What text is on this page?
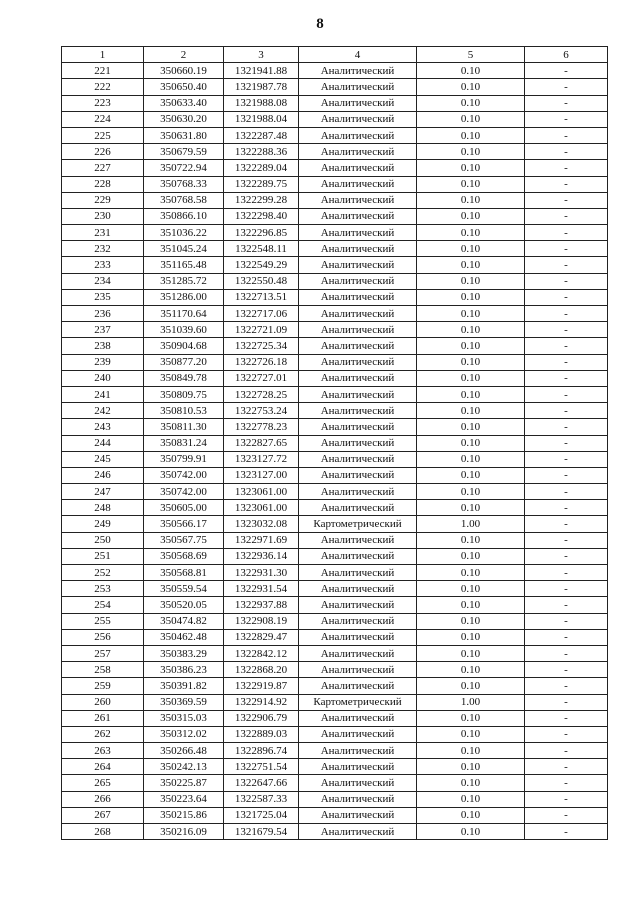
8
1	2	3	4	5	6
221	350660.19	1321941.88	Аналитический	0.10	-
222	350650.40	1321987.78	Аналитический	0.10	-
223	350633.40	1321988.08	Аналитический	0.10	-
224	350630.20	1321988.04	Аналитический	0.10	-
225	350631.80	1322287.48	Аналитический	0.10	-
226	350679.59	1322288.36	Аналитический	0.10	-
227	350722.94	1322289.04	Аналитический	0.10	-
228	350768.33	1322289.75	Аналитический	0.10	-
229	350768.58	1322299.28	Аналитический	0.10	-
230	350866.10	1322298.40	Аналитический	0.10	-
231	351036.22	1322296.85	Аналитический	0.10	-
232	351045.24	1322548.11	Аналитический	0.10	-
233	351165.48	1322549.29	Аналитический	0.10	-
234	351285.72	1322550.48	Аналитический	0.10	-
235	351286.00	1322713.51	Аналитический	0.10	-
236	351170.64	1322717.06	Аналитический	0.10	-
237	351039.60	1322721.09	Аналитический	0.10	-
238	350904.68	1322725.34	Аналитический	0.10	-
239	350877.20	1322726.18	Аналитический	0.10	-
240	350849.78	1322727.01	Аналитический	0.10	-
241	350809.75	1322728.25	Аналитический	0.10	-
242	350810.53	1322753.24	Аналитический	0.10	-
243	350811.30	1322778.23	Аналитический	0.10	-
244	350831.24	1322827.65	Аналитический	0.10	-
245	350799.91	1323127.72	Аналитический	0.10	-
246	350742.00	1323127.00	Аналитический	0.10	-
247	350742.00	1323061.00	Аналитический	0.10	-
248	350605.00	1323061.00	Аналитический	0.10	-
249	350566.17	1323032.08	Картометрический	1.00	-
250	350567.75	1322971.69	Аналитический	0.10	-
251	350568.69	1322936.14	Аналитический	0.10	-
252	350568.81	1322931.30	Аналитический	0.10	-
253	350559.54	1322931.54	Аналитический	0.10	-
254	350520.05	1322937.88	Аналитический	0.10	-
255	350474.82	1322908.19	Аналитический	0.10	-
256	350462.48	1322829.47	Аналитический	0.10	-
257	350383.29	1322842.12	Аналитический	0.10	-
258	350386.23	1322868.20	Аналитический	0.10	-
259	350391.82	1322919.87	Аналитический	0.10	-
260	350369.59	1322914.92	Картометрический	1.00	-
261	350315.03	1322906.79	Аналитический	0.10	-
262	350312.02	1322889.03	Аналитический	0.10	-
263	350266.48	1322896.74	Аналитический	0.10	-
264	350242.13	1322751.54	Аналитический	0.10	-
265	350225.87	1322647.66	Аналитический	0.10	-
266	350223.64	1322587.33	Аналитический	0.10	-
267	350215.86	1321725.04	Аналитический	0.10	-
268	350216.09	1321679.54	Аналитический	0.10	-
